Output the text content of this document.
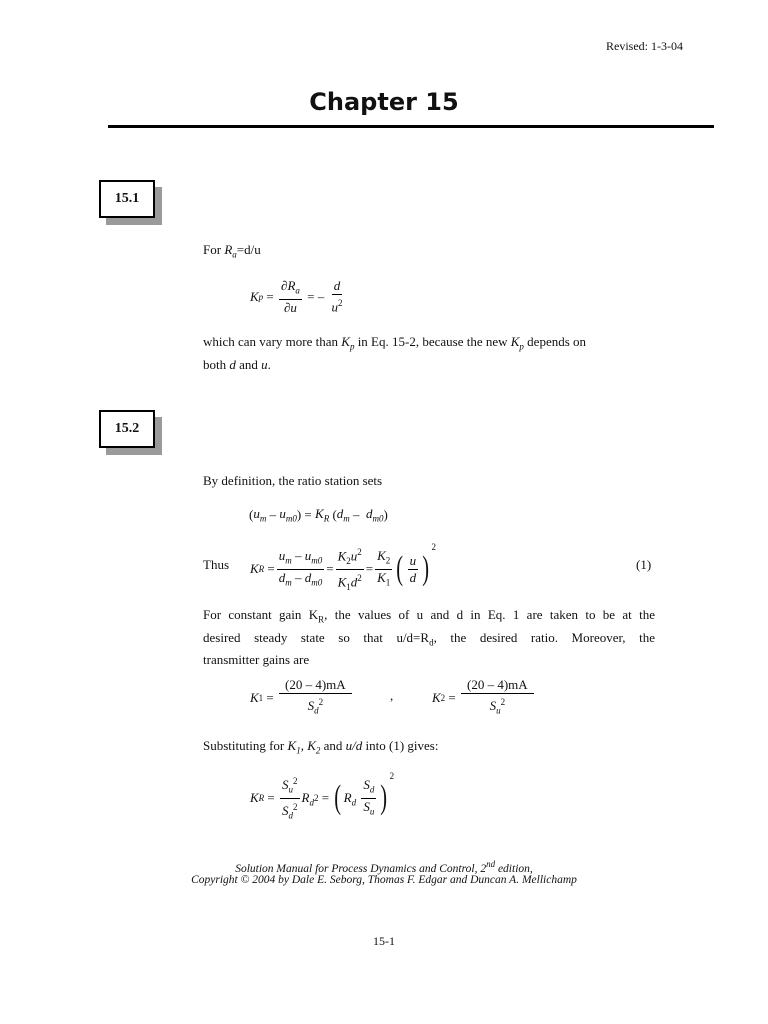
Revised: 1-3-04
Chapter 15
15.1
For $R_a=d/u$
K $p = \frac{\partial R_a}{\partial u}$ = – $\frac{d}{u^2}$
which can vary more than $K_p$ in Eq. 15-2, because the new $K_p$ depends on
both d and u.
15.2
By definition, the ratio station sets
( $u_m - u_{m0}$ ) = $K_R$ ( $d_m - d_{m0}$ )
Thus K $R = \frac{u_m - u_{m0}}{d_m - d_{m0}} = \frac{K_2u^2}{K_1d^2} = \frac{K_2}{K_1}$ ( $\frac{u}{d}$ )
2
(1)
For constant gain $K_R$, the values of u and d in Eq. 1 are taken to be at the
desired steady state so that $u/d=R_d$, the desired ratio. Moreover, the
transmitter gains are
K $1 = \frac{(20 - 4)mA}{S_d^2}$	,	K $2 = \frac{(20 - 4)mA}{S_u^2}$
Substituting for $K_1$, $K_2$ and u/d into (1) gives:
K $R = \frac{S_u^2}{S_d^2} R_d$ 2 = ( $R_d$
$\frac{S_d}{S_u}$ )
2
Solution Manual for Process Dynamics and Control, 2nd edition,
Copyright © 2004 by Dale E. Seborg, Thomas F. Edgar and Duncan A. Mellichamp
15-1
